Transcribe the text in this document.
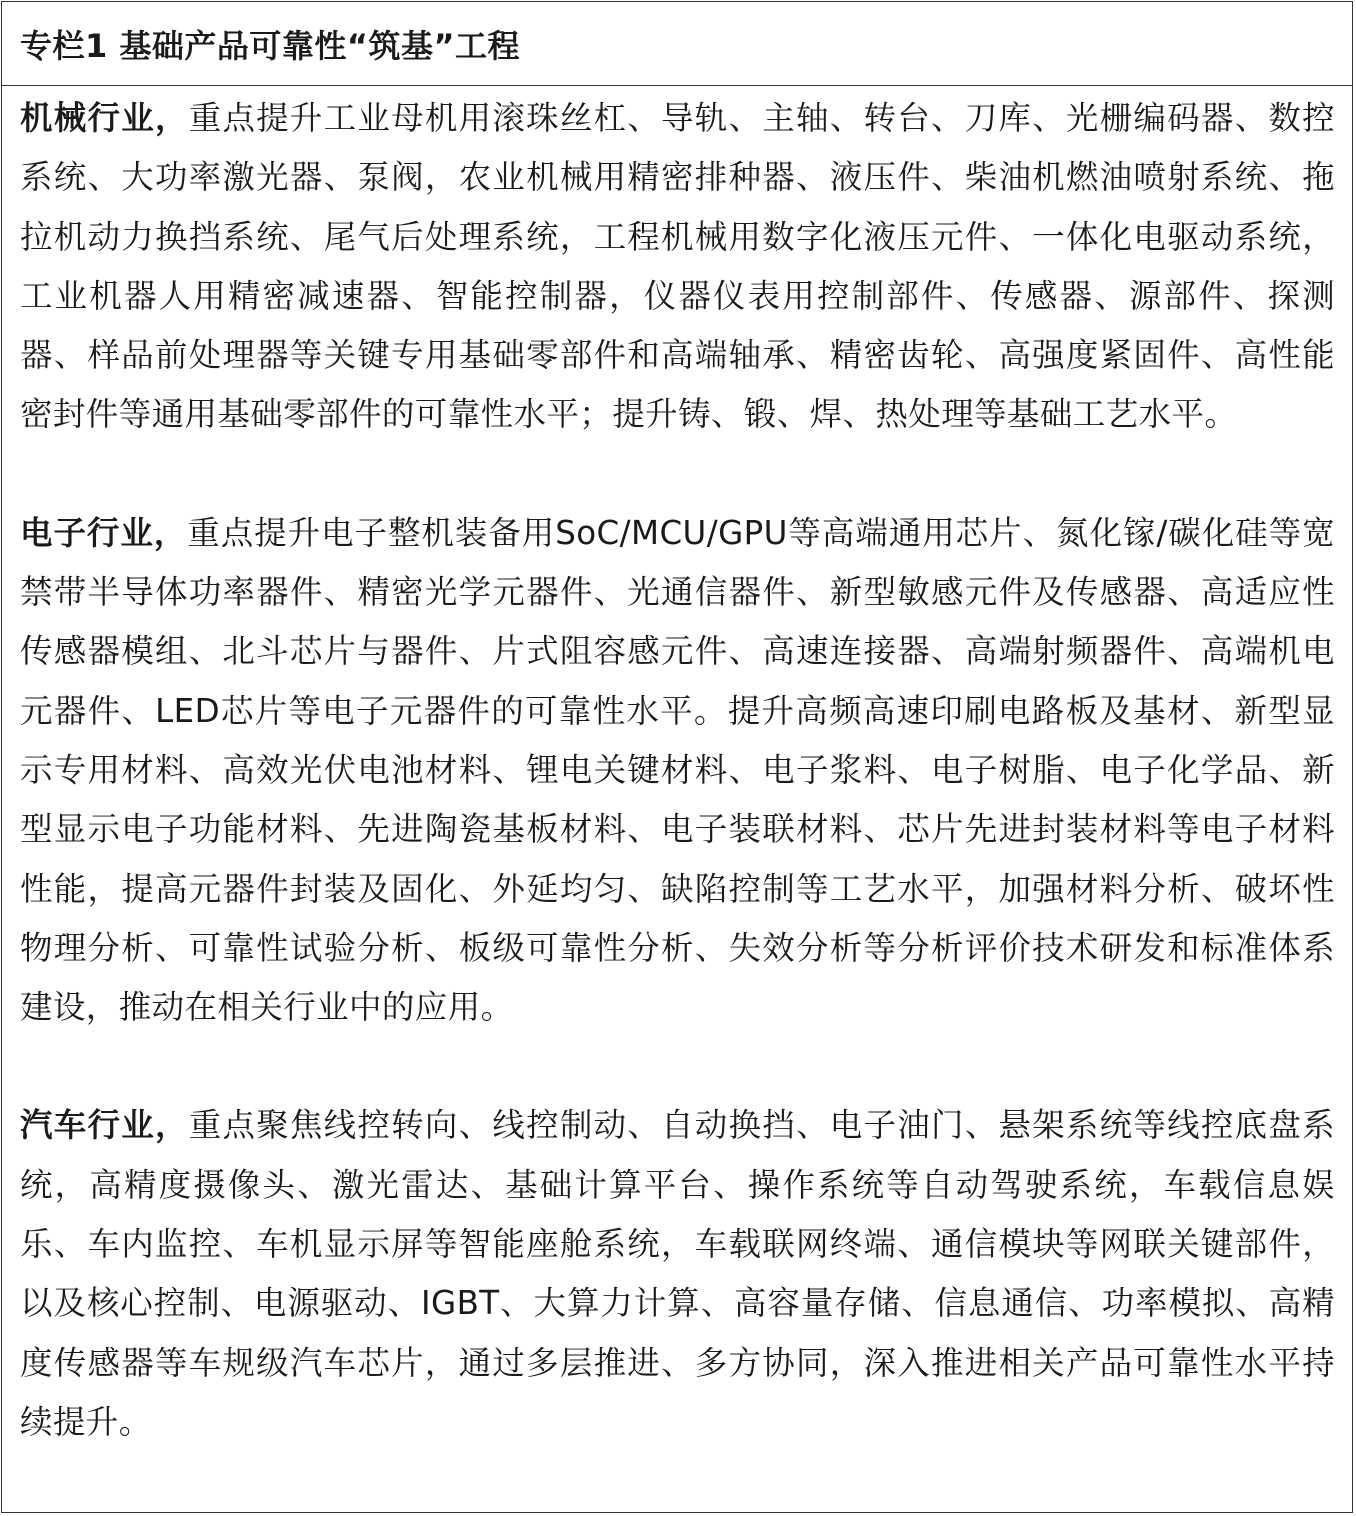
专栏1 基础产品可靠性“筑基”工程

机械行业，重点提升工业母机用滚珠丝杠、导轨、主轴、转台、刀库、光栅编码器、数控系统、大功率激光器、泵阀，农业机械用精密排种器、液压件、柴油机燃油喷射系统、拖拉机动力换挡系统、尾气后处理系统，工程机械用数字化液压元件、一体化电驱动系统，工业机器人用精密减速器、智能控制器，仪器仪表用控制部件、传感器、源部件、探测器、样品前处理器等关键专用基础零部件和高端轴承、精密齿轮、高强度紧固件、高性能密封件等通用基础零部件的可靠性水平；提升铸、锻、焊、热处理等基础工艺水平。

电子行业，重点提升电子整机装备用SoC/MCU/GPU等高端通用芯片、氮化镓/碳化硅等宽禁带半导体功率器件、精密光学元器件、光通信器件、新型敏感元件及传感器、高适应性传感器模组、北斗芯片与器件、片式阻容感元件、高速连接器、高端射频器件、高端机电元器件、LED芯片等电子元器件的可靠性水平。提升高频高速印刷电路板及基材、新型显示专用材料、高效光伏电池材料、锂电关键材料、电子浆料、电子树脂、电子化学品、新型显示电子功能材料、先进陶瓷基板材料、电子装联材料、芯片先进封装材料等电子材料性能，提高元器件封装及固化、外延均匀、缺陷控制等工艺水平，加强材料分析、破坏性物理分析、可靠性试验分析、板级可靠性分析、失效分析等分析评价技术研发和标准体系建设，推动在相关行业中的应用。

汽车行业，重点聚焦线控转向、线控制动、自动换挡、电子油门、悬架系统等线控底盘系统，高精度摄像头、激光雷达、基础计算平台、操作系统等自动驾驶系统，车载信息娱乐、车内监控、车机显示屏等智能座舱系统，车载联网终端、通信模块等网联关键部件，以及核心控制、电源驱动、IGBT、大算力计算、高容量存储、信息通信、功率模拟、高精度传感器等车规级汽车芯片，通过多层推进、多方协同，深入推进相关产品可靠性水平持续提升。
